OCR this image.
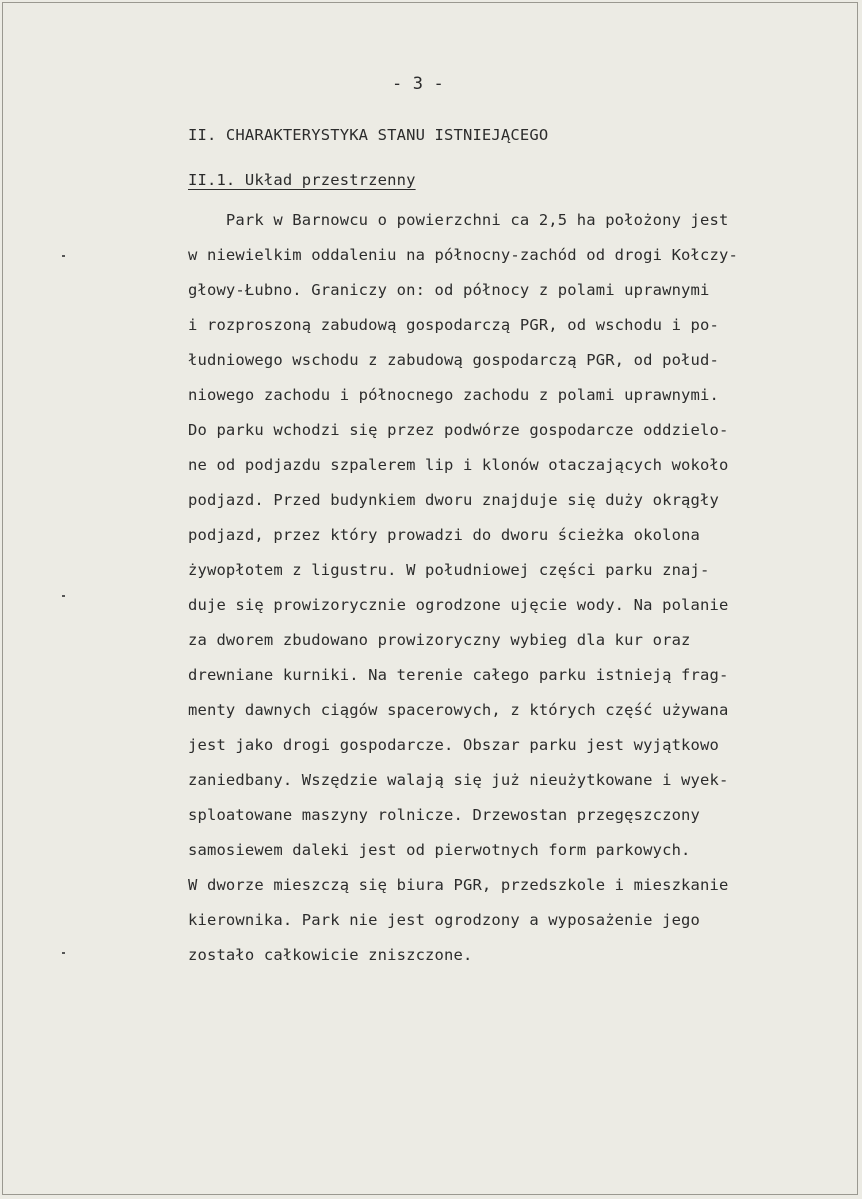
- 3 -
II. CHARAKTERYSTYKA STANU ISTNIEJĄCEGO
II.1. Układ przestrzenny
Park w Barnowcu o powierzchni ca 2,5 ha położony jest
w niewielkim oddaleniu na północny-zachód od drogi Kołczy-
głowy-Łubno. Graniczy on: od północy z polami uprawnymi
i rozproszoną zabudową gospodarczą PGR, od wschodu i po-
łudniowego wschodu z zabudową gospodarczą PGR, od połud-
niowego zachodu i północnego zachodu z polami uprawnymi.
Do parku wchodzi się przez podwórze gospodarcze oddzielo-
ne od podjazdu szpalerem lip i klonów otaczających wokoło
podjazd. Przed budynkiem dworu znajduje się duży okrągły
podjazd, przez który prowadzi do dworu ścieżka okolona
żywopłotem z ligustru. W południowej części parku znaj-
duje się prowizorycznie ogrodzone ujęcie wody. Na polanie
za dworem zbudowano prowizoryczny wybieg dla kur oraz
drewniane kurniki. Na terenie całego parku istnieją frag-
menty dawnych ciągów spacerowych, z których część używana
jest jako drogi gospodarcze. Obszar parku jest wyjątkowo
zaniedbany. Wszędzie walają się już nieużytkowane i wyek-
sploatowane maszyny rolnicze. Drzewostan przegęszczony
samosiewem daleki jest od pierwotnych form parkowych.
W dworze mieszczą się biura PGR, przedszkole i mieszkanie
kierownika. Park nie jest ogrodzony a wyposażenie jego
zostało całkowicie zniszczone.
